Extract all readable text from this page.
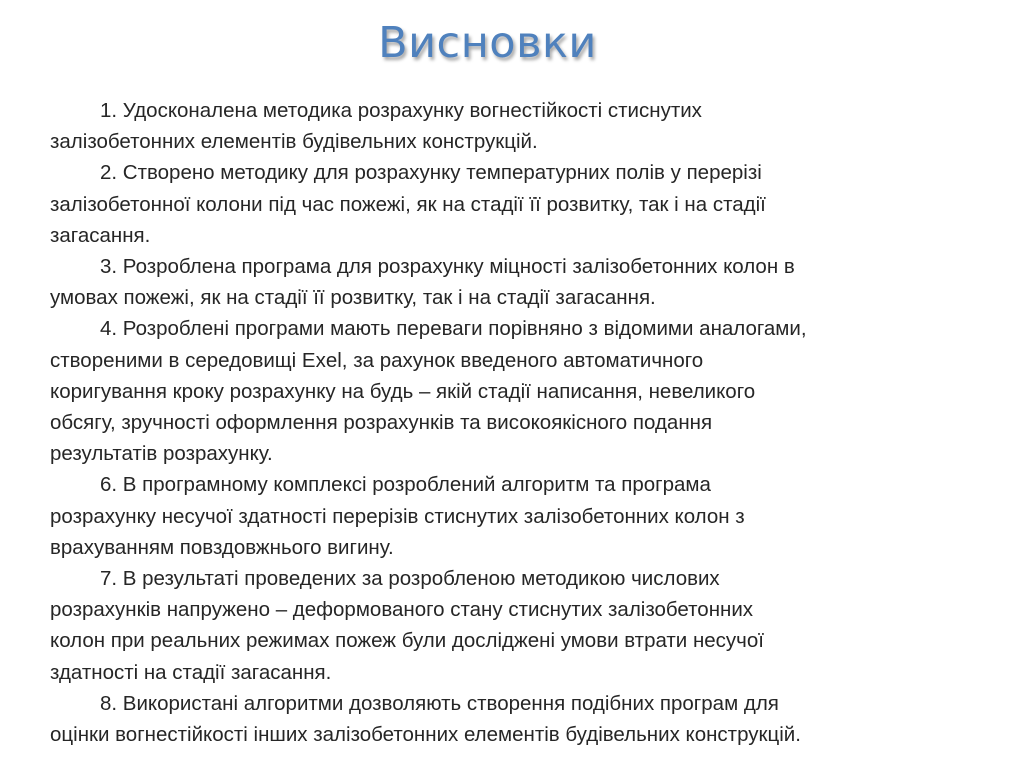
Висновки

1. Удосконалена методика розрахунку вогнестійкості стиснутих
залізобетонних елементів будівельних конструкцій.

2. Створено методику для розрахунку температурних полів у перерізі
залізобетонної колони під час пожежі, як на стадії її розвитку, так і на стадії
загасання.

3. Розроблена програма для розрахунку міцності залізобетонних колон в
умовах пожежі, як на стадії її розвитку, так і на стадії загасання.

4. Розроблені програми мають переваги порівняно з відомими аналогами,
створеними в середовищі Exel, за рахунок введеного автоматичного
коригування кроку розрахунку на будь – якій стадії написання, невеликого
обсягу, зручності оформлення розрахунків та високоякісного подання
результатів розрахунку.

6. В програмному комплексі розроблений алгоритм та програма
розрахунку несучої здатності перерізів стиснутих залізобетонних колон з
врахуванням повздовжнього вигину.

7. В результаті проведених за розробленою методикою числових
розрахунків напружено – деформованого стану стиснутих залізобетонних
колон при реальних режимах пожеж були досліджені умови втрати несучої
здатності на стадії загасання.

8. Використані алгоритми дозволяють створення подібних програм для
оцінки вогнестійкості інших залізобетонних елементів будівельних конструкцій.
